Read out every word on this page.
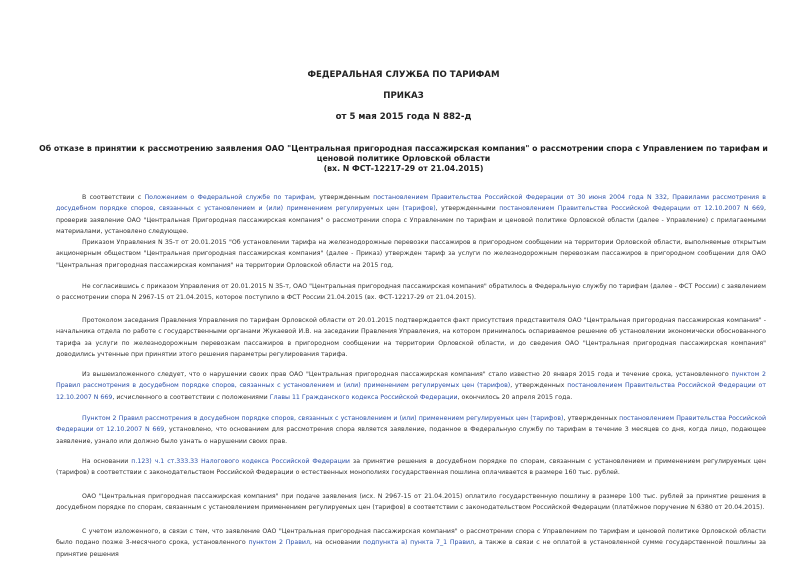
ФЕДЕРАЛЬНАЯ СЛУЖБА ПО ТАРИФАМ
ПРИКАЗ
от 5 мая 2015 года N 882-д
Об отказе в принятии к рассмотрению заявления ОАО "Центральная пригородная пассажирская компания" о рассмотрении спора с Управлением по тарифам и
ценовой политике Орловской области
(вх. N ФСТ-12217-29 от 21.04.2015)

В соответствии с Положением о Федеральной службе по тарифам, утвержденным постановлением Правительства Российской Федерации от 30 июня 2004 года N 332, Правилами рассмотрения в досудебном порядке споров, связанных с установлением и (или) применением регулируемых цен (тарифов), утвержденными постановлением Правительства Российской Федерации от 12.10.2007 N 669, проверив заявление ОАО "Центральная Пригородная пассажирская компания" о рассмотрении спора с Управлением по тарифам и ценовой политике Орловской области (далее - Управление) с прилагаемыми материалами, установлено следующее.

Приказом Управления N 35-т от 20.01.2015 "Об установлении тарифа на железнодорожные перевозки пассажиров в пригородном сообщении на территории Орловской области, выполняемые открытым акционерным обществом "Центральная пригородная пассажирская компания" (далее - Приказ) утвержден тариф за услуги по железнодорожным перевозкам пассажиров в пригородном сообщении для ОАО "Центральная пригородная пассажирская компания" на территории Орловской области на 2015 год.

Не согласившись с приказом Управления от 20.01.2015 N 35-т, ОАО "Центральная пригородная пассажирская компания" обратилось в Федеральную службу по тарифам (далее - ФСТ России) с заявлением о рассмотрении спора N 2967-15 от 21.04.2015, которое поступило в ФСТ России 21.04.2015 (вх. ФСТ-12217-29 от 21.04.2015).

Протоколом заседания Правления Управления по тарифам Орловской области от 20.01.2015 подтверждается факт присутствия представителя ОАО "Центральная пригородная пассажирская компания" - начальника отдела по работе с государственными органами Жукаевой И.В. на заседании Правления Управления, на котором принималось оспариваемое решение об установлении экономически обоснованного тарифа за услуги по железнодорожным перевозкам пассажиров в пригородном сообщении на территории Орловской области, и до сведения ОАО "Центральная пригородная пассажирская компания" доводились учтенные при принятии этого решения параметры регулирования тарифа.

Из вышеизложенного следует, что о нарушении своих прав ОАО "Центральная пригородная пассажирская компания" стало известно 20 января 2015 года и течение срока, установленного пунктом 2 Правил рассмотрения в досудебном порядке споров, связанных с установлением и (или) применением регулируемых цен (тарифов), утвержденных постановлением Правительства Российской Федерации от 12.10.2007 N 669, исчисленного в соответствии с положениями Главы 11 Гражданского кодекса Российской Федерации, окончилось 20 апреля 2015 года.

Пунктом 2 Правил рассмотрения в досудебном порядке споров, связанных с установлением и (или) применением регулируемых цен (тарифов), утвержденных постановлением Правительства Российской Федерации от 12.10.2007 N 669, установлено, что основанием для рассмотрения спора является заявление, поданное в Федеральную службу по тарифам в течение 3 месяцев со дня, когда лицо, подающее заявление, узнало или должно было узнать о нарушении своих прав.

На основании п.123) ч.1 ст.333.33 Налогового кодекса Российской Федерации за принятие решения в досудебном порядке по спорам, связанным с установлением и применением регулируемых цен (тарифов) в соответствии с законодательством Российской Федерации о естественных монополиях государственная пошлина оплачивается в размере 160 тыс. рублей.

ОАО "Центральная пригородная пассажирская компания" при подаче заявления (исх. N 2967-15 от 21.04.2015) оплатило государственную пошлину в размере 100 тыс. рублей за принятие решения в досудебном порядке по спорам, связанным с установлением применением регулируемых цен (тарифов) в соответствии с законодательством Российской Федерации (платёжное поручение N 6380 от 20.04.2015).

С учетом изложенного, в связи с тем, что заявление ОАО "Центральная пригородная пассажирская компания" о рассмотрении спора с Управлением по тарифам и ценовой политике Орловской области было подано позже 3-месячного срока, установленного пунктом 2 Правил, на основании подпункта а) пункта 7_1 Правил, а также в связи с не оплатой в установленной сумме государственной пошлины за принятие решения
